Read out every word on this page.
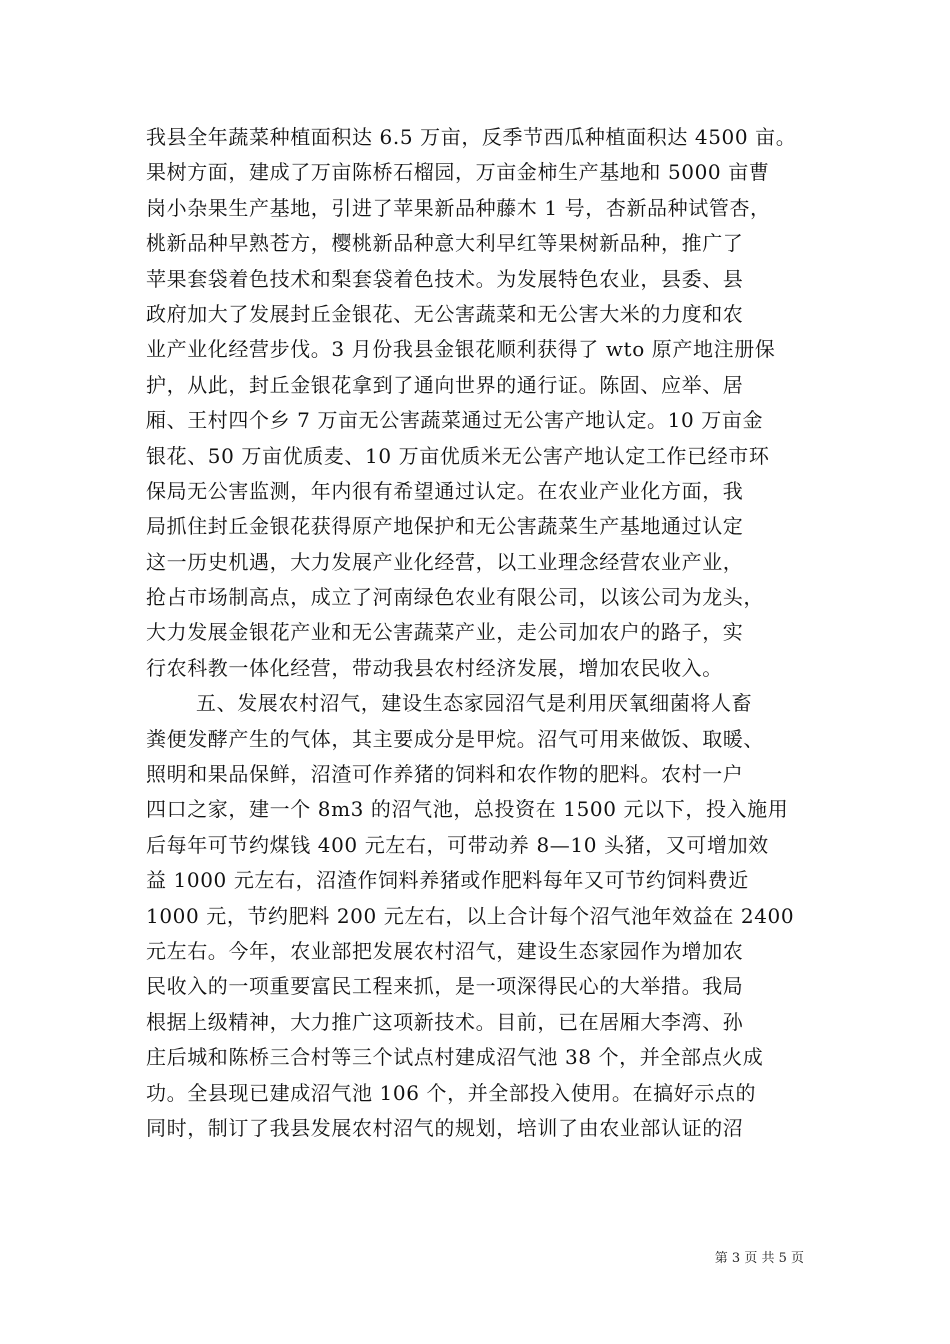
我县全年蔬菜种植面积达 6.5 万亩，反季节西瓜种植面积达 4500 亩。
果树方面，建成了万亩陈桥石榴园，万亩金柿生产基地和 5000 亩曹
岗小杂果生产基地，引进了苹果新品种藤木 1 号，杏新品种试管杏，
桃新品种早熟苍方，樱桃新品种意大利早红等果树新品种，推广了
苹果套袋着色技术和梨套袋着色技术。为发展特色农业，县委、县
政府加大了发展封丘金银花、无公害蔬菜和无公害大米的力度和农
业产业化经营步伐。3 月份我县金银花顺利获得了 wto 原产地注册保
护，从此，封丘金银花拿到了通向世界的通行证。陈固、应举、居
厢、王村四个乡 7 万亩无公害蔬菜通过无公害产地认定。10 万亩金
银花、50 万亩优质麦、10 万亩优质米无公害产地认定工作已经市环
保局无公害监测，年内很有希望通过认定。在农业产业化方面，我
局抓住封丘金银花获得原产地保护和无公害蔬菜生产基地通过认定
这一历史机遇，大力发展产业化经营，以工业理念经营农业产业，
抢占市场制高点，成立了河南绿色农业有限公司，以该公司为龙头，
大力发展金银花产业和无公害蔬菜产业，走公司加农户的路子，实
行农科教一体化经营，带动我县农村经济发展，增加农民收入。
五、发展农村沼气，建设生态家园沼气是利用厌氧细菌将人畜
粪便发酵产生的气体，其主要成分是甲烷。沼气可用来做饭、取暖、
照明和果品保鲜，沼渣可作养猪的饲料和农作物的肥料。农村一户
四口之家，建一个 8m3 的沼气池，总投资在 1500 元以下，投入施用
后每年可节约煤钱 400 元左右，可带动养 8—10 头猪，又可增加效
益 1000 元左右，沼渣作饲料养猪或作肥料每年又可节约饲料费近
1000 元，节约肥料 200 元左右，以上合计每个沼气池年效益在 2400
元左右。今年，农业部把发展农村沼气，建设生态家园作为增加农
民收入的一项重要富民工程来抓，是一项深得民心的大举措。我局
根据上级精神，大力推广这项新技术。目前，已在居厢大李湾、孙
庄后城和陈桥三合村等三个试点村建成沼气池 38 个，并全部点火成
功。全县现已建成沼气池 106 个，并全部投入使用。在搞好示点的
同时，制订了我县发展农村沼气的规划，培训了由农业部认证的沼
第 3 页 共 5 页
